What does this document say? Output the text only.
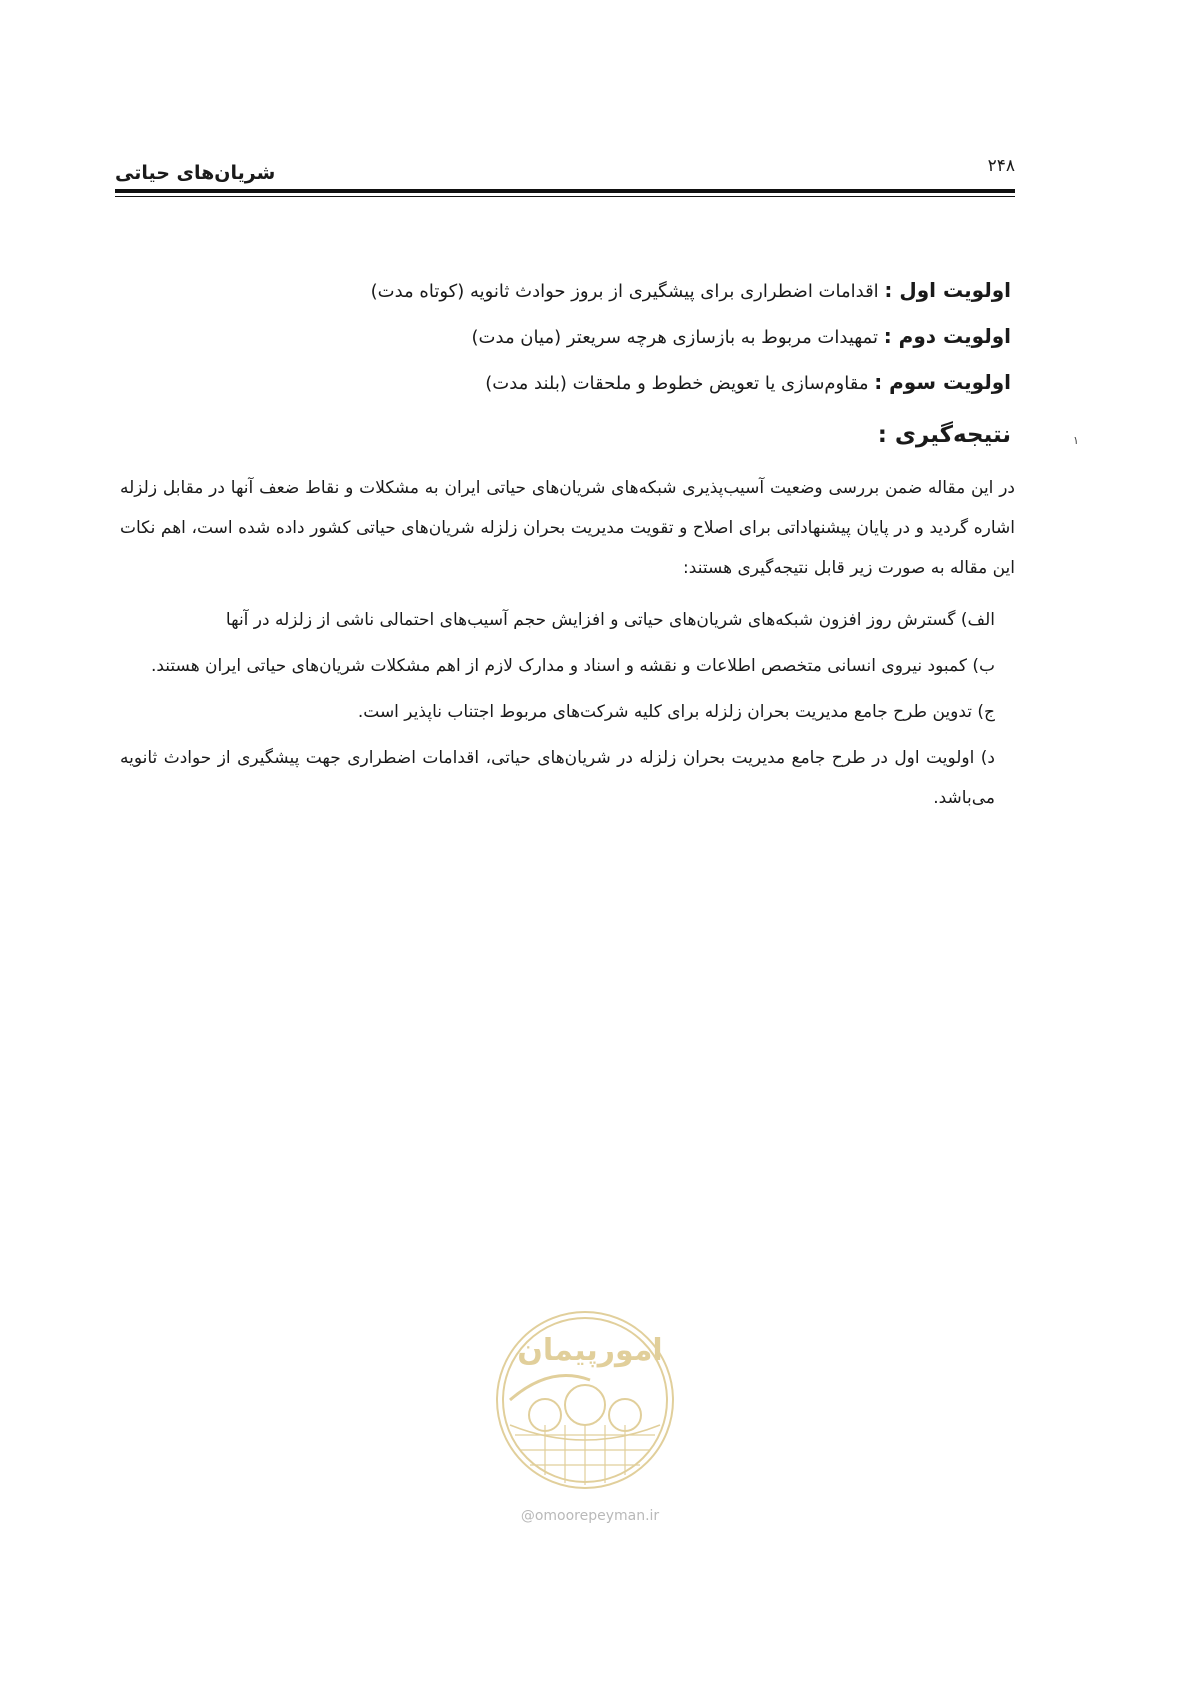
شریان‌های حیاتی	۲۴۸
اولویت اول : اقدامات اضطراری برای پیشگیری از بروز حوادث ثانویه (کوتاه مدت)
اولویت دوم : تمهیدات مربوط به بازسازی هرچه سریعتر (میان مدت)
اولویت سوم : مقاوم‌سازی یا تعویض خطوط و ملحقات (بلند مدت)
نتیجه‌گیری :	۱
در این مقاله ضمن بررسی وضعیت آسیب‌پذیری شبکه‌های شریان‌های حیاتی ایران به مشکلات و نقاط ضعف آنها در مقابل زلزله اشاره گردید و در پایان پیشنهاداتی برای اصلاح و تقویت مدیریت بحران زلزله شریان‌های حیاتی کشور داده شده است، اهم نکات این مقاله به صورت زیر قابل نتیجه‌گیری هستند:

الف) گسترش روز افزون شبکه‌های شریان‌های حیاتی و افزایش حجم آسیب‌های احتمالی ناشی از زلزله در آنها

ب) کمبود نیروی انسانی متخصص اطلاعات و نقشه و اسناد و مدارک لازم از اهم مشکلات شریان‌های حیاتی ایران هستند.

ج) تدوین طرح جامع مدیریت بحران زلزله برای کلیه شرکت‌های مربوط اجتناب ناپذیر است.

د) اولویت اول در طرح جامع مدیریت بحران زلزله در شریان‌های حیاتی، اقدامات اضطراری جهت پیشگیری از حوادث ثانویه می‌باشد.

امورپیمان
@omoorepeyman.ir
